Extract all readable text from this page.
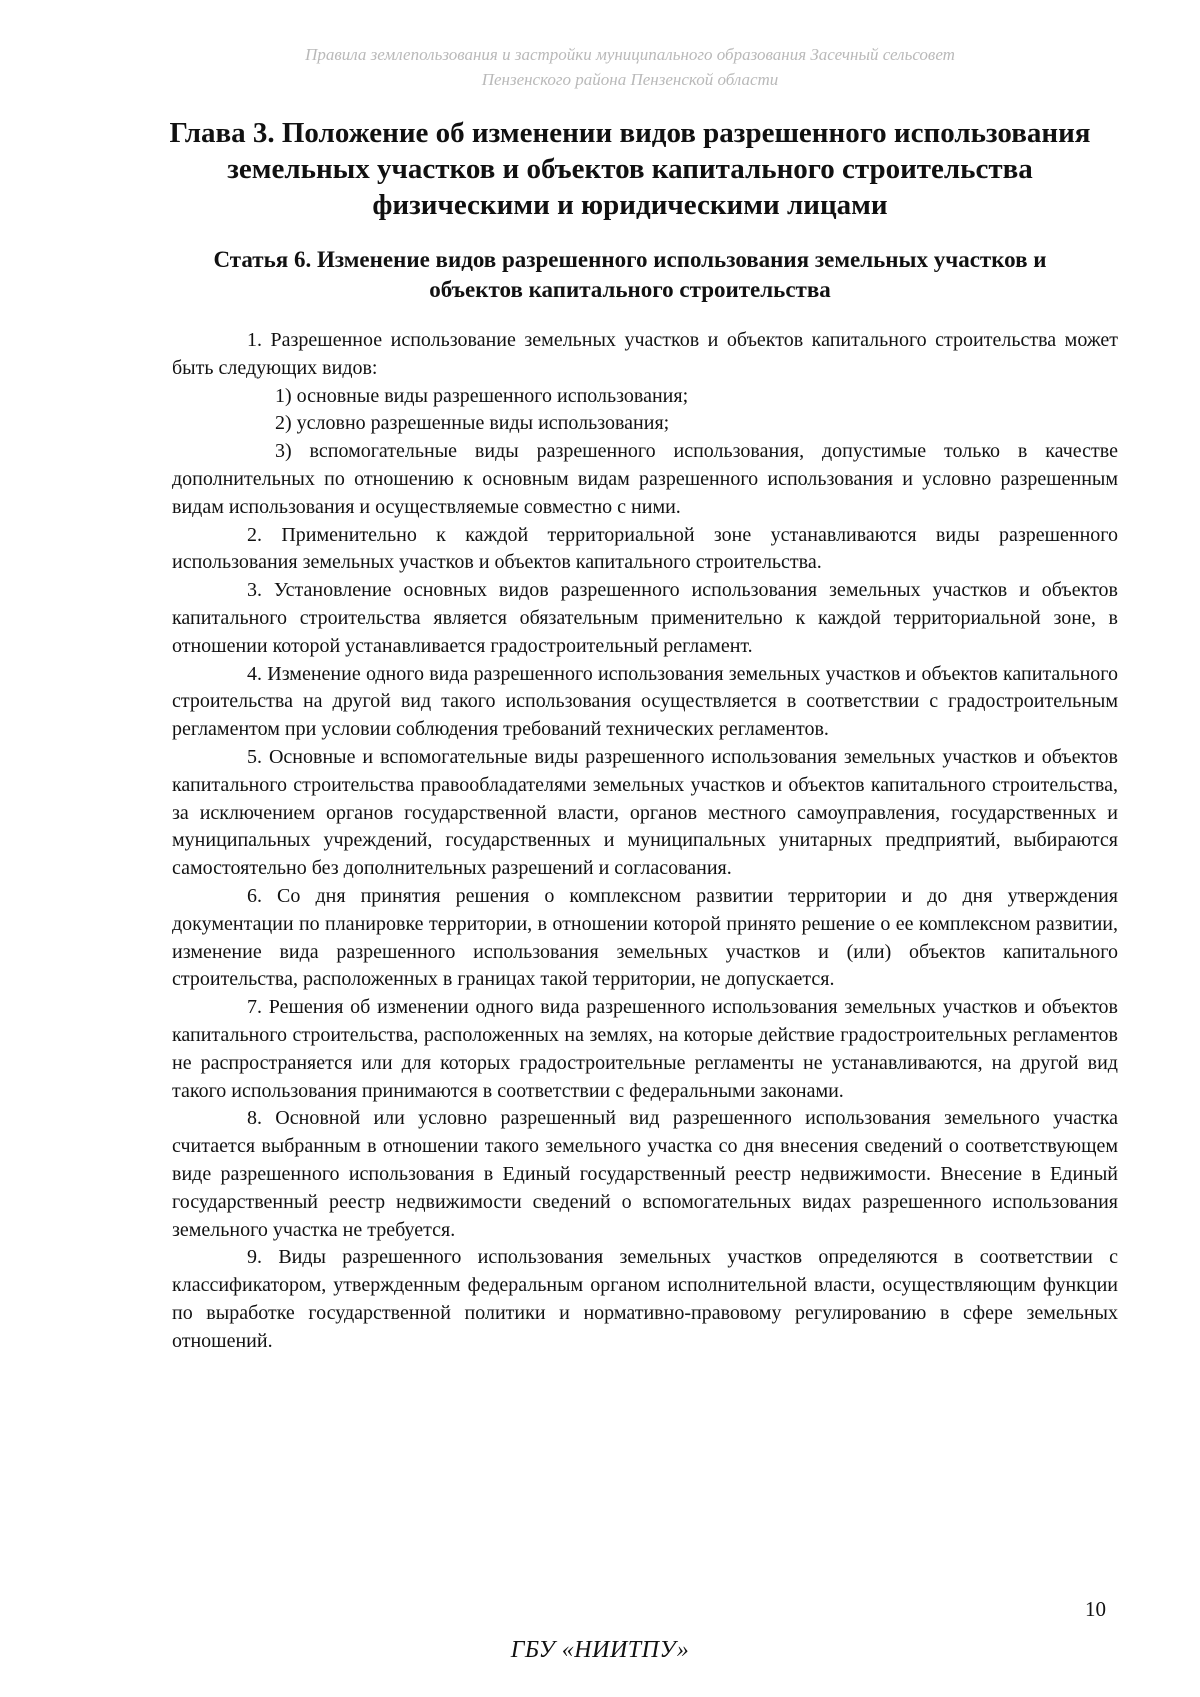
Правила землепользования и застройки муниципального образования Засечный сельсовет
Пензенского района Пензенской области
Глава 3. Положение об изменении видов разрешенного использования земельных участков и объектов капитального строительства физическими и юридическими лицами
Статья 6. Изменение видов разрешенного использования земельных участков и объектов капитального строительства

1. Разрешенное использование земельных участков и объектов капитального строительства может быть следующих видов:

1) основные виды разрешенного использования;

2) условно разрешенные виды использования;

3) вспомогательные виды разрешенного использования, допустимые только в качестве дополнительных по отношению к основным видам разрешенного использования и условно разрешенным видам использования и осуществляемые совместно с ними.

2. Применительно к каждой территориальной зоне устанавливаются виды разрешенного использования земельных участков и объектов капитального строительства.

3. Установление основных видов разрешенного использования земельных участков и объектов капитального строительства является обязательным применительно к каждой территориальной зоне, в отношении которой устанавливается градостроительный регламент.

4. Изменение одного вида разрешенного использования земельных участков и объектов капитального строительства на другой вид такого использования осуществляется в соответствии с градостроительным регламентом при условии соблюдения требований технических регламентов.

5. Основные и вспомогательные виды разрешенного использования земельных участков и объектов капитального строительства правообладателями земельных участков и объектов капитального строительства, за исключением органов государственной власти, органов местного самоуправления, государственных и муниципальных учреждений, государственных и муниципальных унитарных предприятий, выбираются самостоятельно без дополнительных разрешений и согласования.

6. Со дня принятия решения о комплексном развитии территории и до дня утверждения документации по планировке территории, в отношении которой принято решение о ее комплексном развитии, изменение вида разрешенного использования земельных участков и (или) объектов капитального строительства, расположенных в границах такой территории, не допускается.

7. Решения об изменении одного вида разрешенного использования земельных участков и объектов капитального строительства, расположенных на землях, на которые действие градостроительных регламентов не распространяется или для которых градостроительные регламенты не устанавливаются, на другой вид такого использования принимаются в соответствии с федеральными законами.

8. Основной или условно разрешенный вид разрешенного использования земельного участка считается выбранным в отношении такого земельного участка со дня внесения сведений о соответствующем виде разрешенного использования в Единый государственный реестр недвижимости. Внесение в Единый государственный реестр недвижимости сведений о вспомогательных видах разрешенного использования земельного участка не требуется.

9. Виды разрешенного использования земельных участков определяются в соответствии с классификатором, утвержденным федеральным органом исполнительной власти, осуществляющим функции по выработке государственной политики и нормативно-правовому регулированию в сфере земельных отношений.

10
ГБУ «НИИТПУ»
